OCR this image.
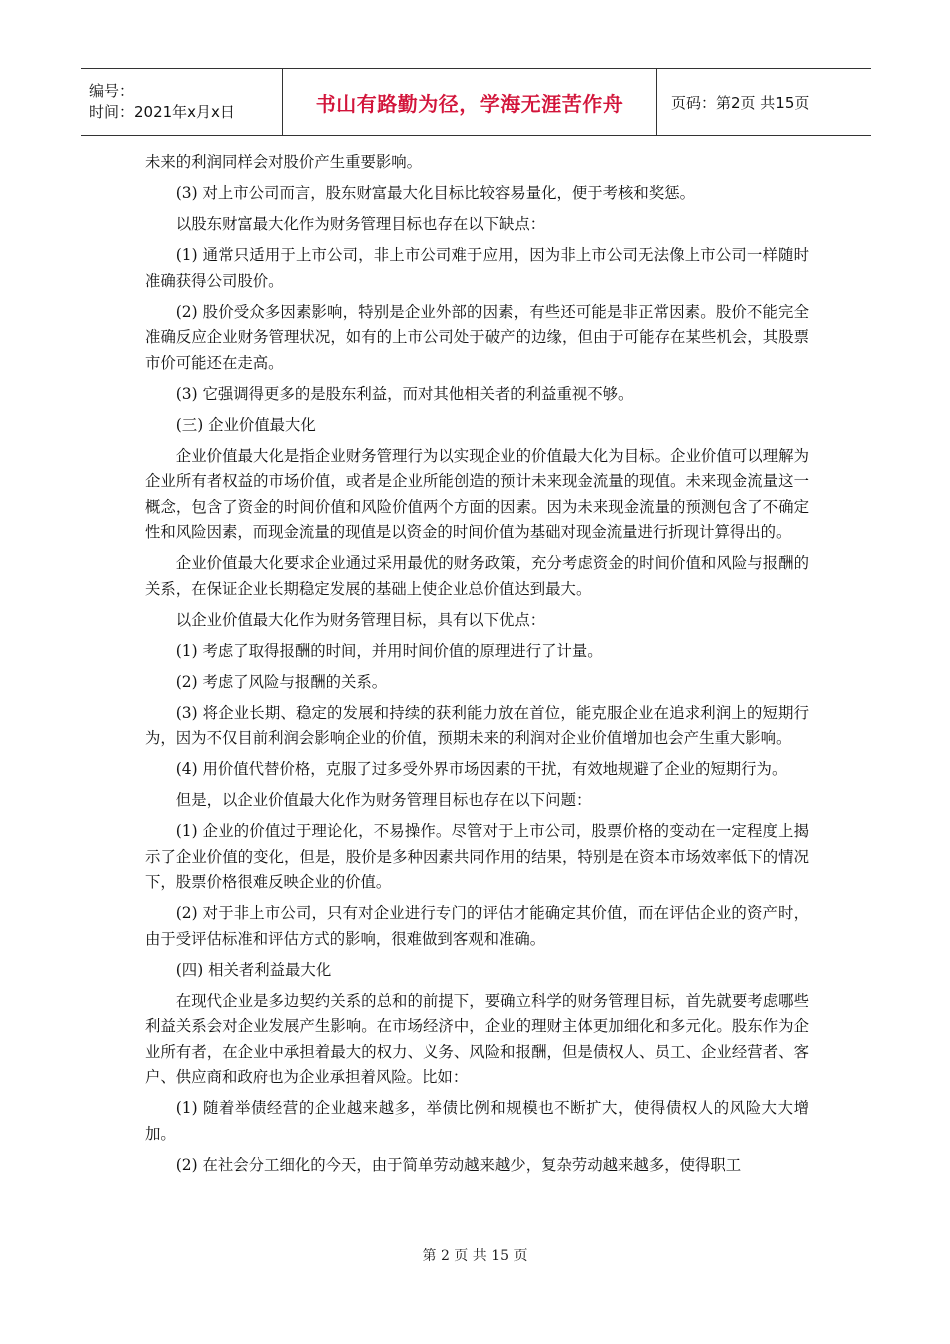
编号：
时间：2021年x月x日	书山有路勤为径，学海无涯苦作舟	页码：第2页 共15页

未来的利润同样会对股价产生重要影响。

(3) 对上市公司而言，股东财富最大化目标比较容易量化，便于考核和奖惩。

以股东财富最大化作为财务管理目标也存在以下缺点：

(1) 通常只适用于上市公司，非上市公司难于应用，因为非上市公司无法像上市公司一样随时准确获得公司股价。

(2) 股价受众多因素影响，特别是企业外部的因素，有些还可能是非正常因素。股价不能完全准确反应企业财务管理状况，如有的上市公司处于破产的边缘，但由于可能存在某些机会，其股票市价可能还在走高。

(3) 它强调得更多的是股东利益，而对其他相关者的利益重视不够。

(三) 企业价值最大化

企业价值最大化是指企业财务管理行为以实现企业的价值最大化为目标。企业价值可以理解为企业所有者权益的市场价值，或者是企业所能创造的预计未来现金流量的现值。未来现金流量这一概念，包含了资金的时间价值和风险价值两个方面的因素。因为未来现金流量的预测包含了不确定性和风险因素，而现金流量的现值是以资金的时间价值为基础对现金流量进行折现计算得出的。

企业价值最大化要求企业通过采用最优的财务政策，充分考虑资金的时间价值和风险与报酬的关系，在保证企业长期稳定发展的基础上使企业总价值达到最大。

以企业价值最大化作为财务管理目标，具有以下优点：

(1) 考虑了取得报酬的时间，并用时间价值的原理进行了计量。

(2) 考虑了风险与报酬的关系。

(3) 将企业长期、稳定的发展和持续的获利能力放在首位，能克服企业在追求利润上的短期行为，因为不仅目前利润会影响企业的价值，预期未来的利润对企业价值增加也会产生重大影响。

(4) 用价值代替价格，克服了过多受外界市场因素的干扰，有效地规避了企业的短期行为。

但是，以企业价值最大化作为财务管理目标也存在以下问题：

(1) 企业的价值过于理论化，不易操作。尽管对于上市公司，股票价格的变动在一定程度上揭示了企业价值的变化，但是，股价是多种因素共同作用的结果，特别是在资本市场效率低下的情况下，股票价格很难反映企业的价值。

(2) 对于非上市公司，只有对企业进行专门的评估才能确定其价值，而在评估企业的资产时，由于受评估标准和评估方式的影响，很难做到客观和准确。

(四) 相关者利益最大化

在现代企业是多边契约关系的总和的前提下，要确立科学的财务管理目标，首先就要考虑哪些利益关系会对企业发展产生影响。在市场经济中，企业的理财主体更加细化和多元化。股东作为企业所有者，在企业中承担着最大的权力、义务、风险和报酬，但是债权人、员工、企业经营者、客户、供应商和政府也为企业承担着风险。比如：

(1) 随着举债经营的企业越来越多，举债比例和规模也不断扩大，使得债权人的风险大大增加。

(2) 在社会分工细化的今天，由于简单劳动越来越少，复杂劳动越来越多，使得职工

第 2 页 共 15 页
